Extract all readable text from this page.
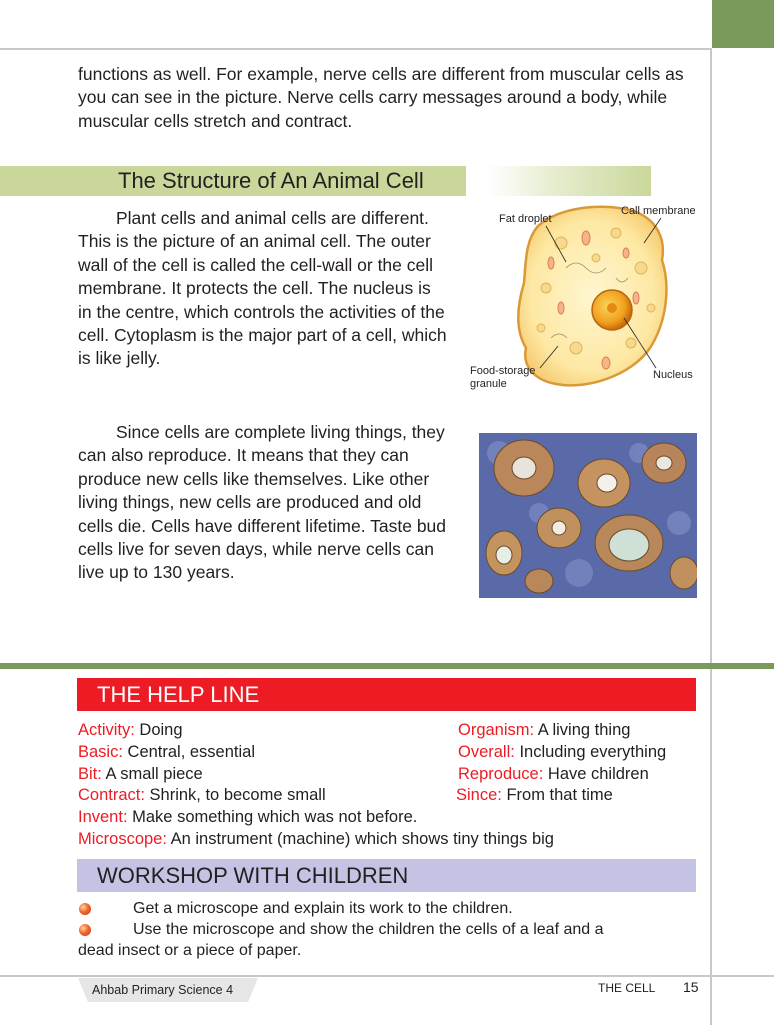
functions as well. For example, nerve cells are different from muscular cells as you can see in the picture. Nerve cells carry messages around a body, while muscular cells stretch and contract.

The Structure of An Animal Cell

Plant cells and animal cells are different. This is the picture of an animal cell. The outer wall of the cell is called the cell-wall or the cell membrane. It protects the cell. The nucleus is in the centre, which controls the activities of the cell. Cytoplasm is the major part of a cell, which is like jelly.

Since cells are complete living things, they can also reproduce. It means that they can produce new cells like themselves. Like other living things, new cells are produced and old cells die. Cells have different lifetime. Taste bud cells live for seven days, while nerve cells can live up to 130 years.

Fat droplet
Call membrane
Food-storage
granule
Nucleus
THE HELP LINE
Activity: Doing
Basic: Central, essential
Bit: A small piece
Contract: Shrink, to become small
Invent: Make something which was not before.
Microscope: An instrument (machine) which shows tiny things big
Organism: A living thing
Overall: Including everything
Reproduce: Have children
Since: From that time
WORKSHOP WITH CHILDREN
Get a microscope and explain its work to the children.
Use the microscope and show the children the cells of a leaf and a
dead insect or a piece of paper.
Ahbab Primary Science 4	THE CELL 15
